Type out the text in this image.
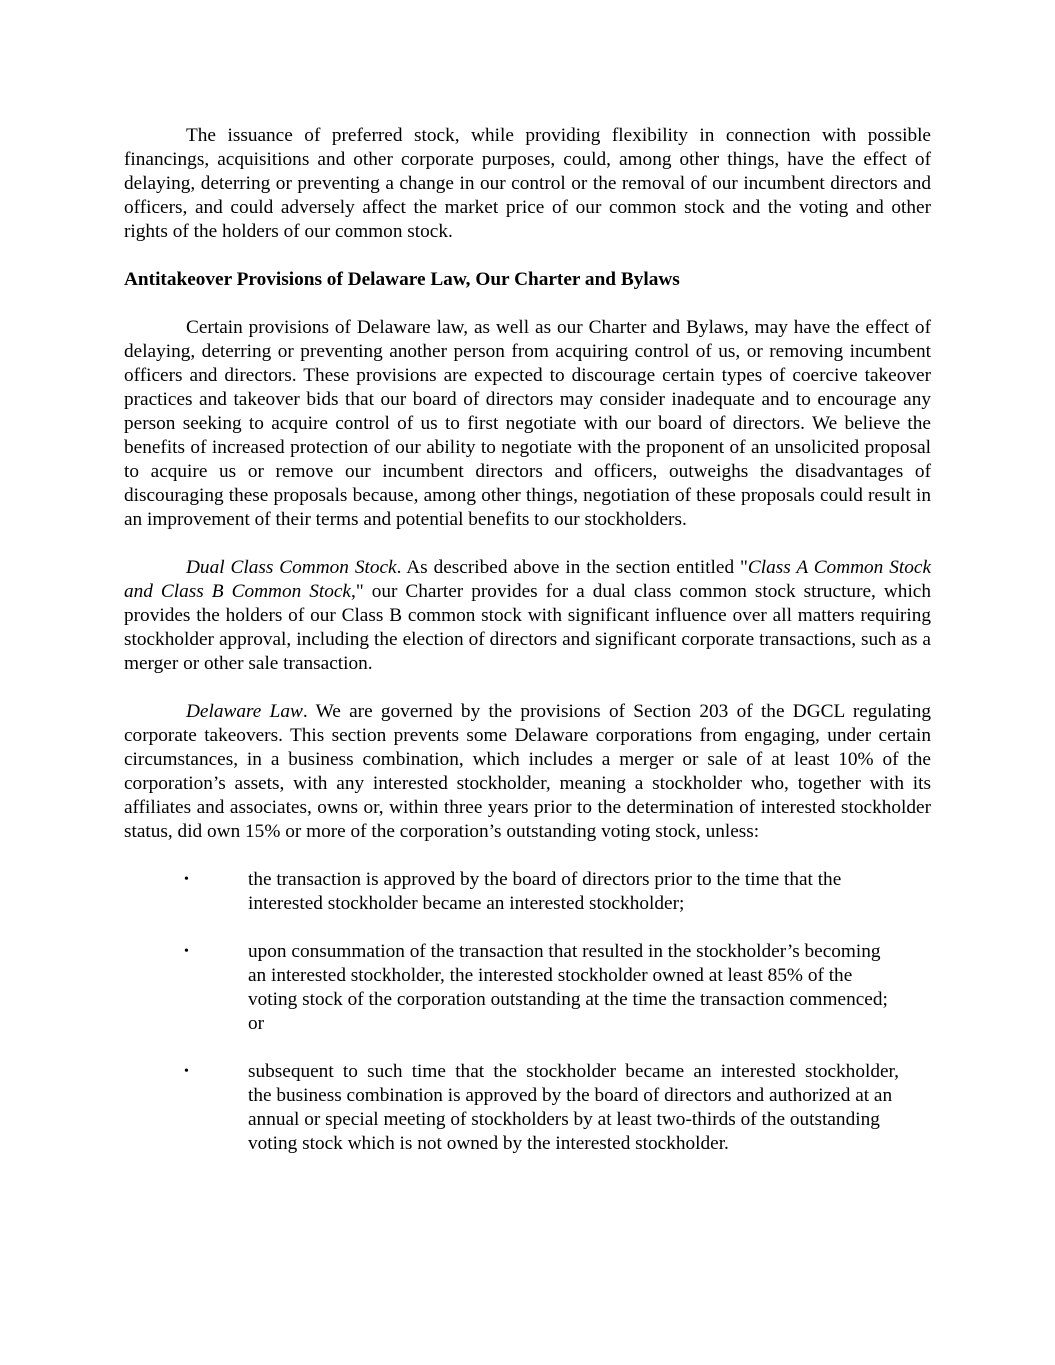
The issuance of preferred stock, while providing flexibility in connection with possible financings, acquisitions and other corporate purposes, could, among other things, have the effect of delaying, deterring or preventing a change in our control or the removal of our incumbent directors and officers, and could adversely affect the market price of our common stock and the voting and other rights of the holders of our common stock.

Antitakeover Provisions of Delaware Law, Our Charter and Bylaws

Certain provisions of Delaware law, as well as our Charter and Bylaws, may have the effect of delaying, deterring or preventing another person from acquiring control of us, or removing incumbent officers and directors. These provisions are expected to discourage certain types of coercive takeover practices and takeover bids that our board of directors may consider inadequate and to encourage any person seeking to acquire control of us to first negotiate with our board of directors. We believe the benefits of increased protection of our ability to negotiate with the proponent of an unsolicited proposal to acquire us or remove our incumbent directors and officers, outweighs the disadvantages of discouraging these proposals because, among other things, negotiation of these proposals could result in an improvement of their terms and potential benefits to our stockholders.

Dual Class Common Stock. As described above in the section entitled "Class A Common Stock and Class B Common Stock," our Charter provides for a dual class common stock structure, which provides the holders of our Class B common stock with significant influence over all matters requiring stockholder approval, including the election of directors and significant corporate transactions, such as a merger or other sale transaction.

Delaware Law. We are governed by the provisions of Section 203 of the DGCL regulating corporate takeovers. This section prevents some Delaware corporations from engaging, under certain circumstances, in a business combination, which includes a merger or sale of at least 10% of the corporation’s assets, with any interested stockholder, meaning a stockholder who, together with its affiliates and associates, owns or, within three years prior to the determination of interested stockholder status, did own 15% or more of the corporation’s outstanding voting stock, unless:

•	the transaction is approved by the board of directors prior to the time that the interested stockholder became an interested stockholder;

•	upon consummation of the transaction that resulted in the stockholder’s becoming an interested stockholder, the interested stockholder owned at least 85% of the voting stock of the corporation outstanding at the time the transaction commenced; or

•	subsequent to such time that the stockholder became an interested stockholder,

the business combination is approved by the board of directors and authorized at an annual or special meeting of stockholders by at least two-thirds of the outstanding voting stock which is not owned by the interested stockholder.
